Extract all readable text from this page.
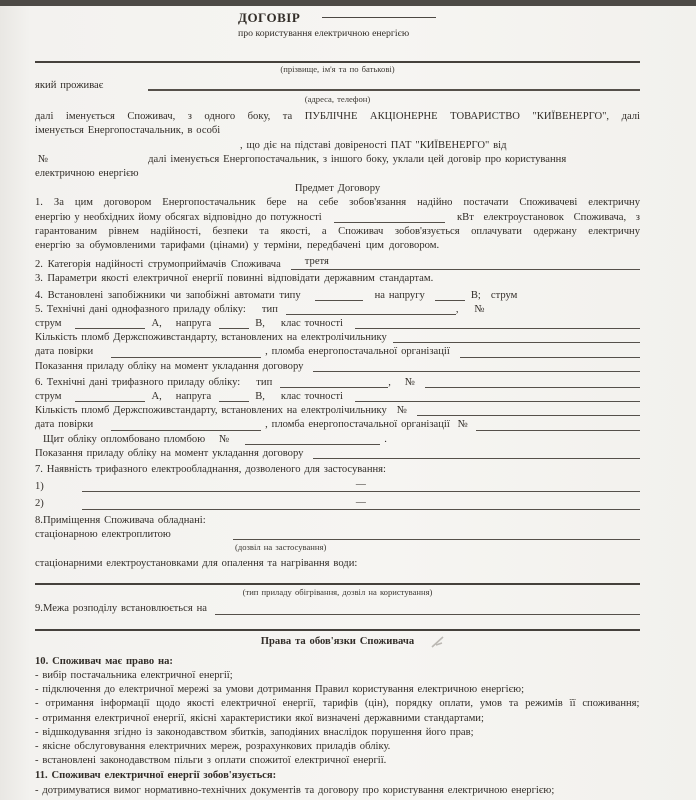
ДОГОВІР
про користування електричною енергією
(прізвище, ім'я та по батькові)
який проживає
(адреса, телефон)
далі іменується Споживач, з одного боку, та ПУБЛІЧНЕ АКЦІОНЕРНЕ ТОВАРИСТВО "КИЇВЕНЕРГО", далі
іменується Енергопостачальник, в особі
, що діє на підставі довіреності ПАТ "КИЇВЕНЕРГО" від
№	далі іменується Енергопостачальник, з іншого боку, уклали цей договір про користування
електричною енергією
Предмет Договору
1. За цим договором Енергопостачальник бере на себе зобов'язання надійно постачати Споживачеві електричну
енергію у необхідних йому обсягах відповідно до потужності	кВт електроустановок Споживача, з
гарантованим рівнем надійності, безпеки та якості, а Споживач зобов'язується оплачувати одержану електричну
енергію за обумовленими тарифами (цінами) у терміни, передбачені цим договором.
2. Категорія надійності струмоприймачів Споживача	третя
3. Параметри якості електричної енергії повинні відповідати державним стандартам.
4. Встановлені запобіжники чи запобіжні автомати типу	на напругу	В; струм
5. Технічні дані однофазного приладу обліку: тип	, №
струм	А, напруга	В, клас точності
Кількість пломб Держспоживстандарту, встановлених на електролічильнику
дата повірки	, пломба енергопостачальної організації
Показання приладу обліку на момент укладання договору
6. Технічні дані трифазного приладу обліку: тип	, №
струм	А, напруга	В, клас точності
Кількість пломб Держспоживстандарту, встановлених на електролічильнику №
дата повірки	, пломба енергопостачальної організації №
Щит обліку опломбовано пломбою №	.
Показання приладу обліку на момент укладання договору
7. Наявність трифазного електрообладнання, дозволеного для застосування:
1)	—
2)	—
8.Приміщення Споживача обладнані:
стаціонарною електроплитою
(дозвіл на застосування)
стаціонарними електроустановками для опалення та нагрівання води:
(тип приладу обігрівання, дозвіл на користування)
9.Межа розподілу встановлюється на
Права та обов'язки Споживача
10. Споживач має право на:
- вибір постачальника електричної енергії;
- підключення до електричної мережі за умови дотримання Правил користування електричною енергією;
- отримання інформації щодо якості електричної енергії, тарифів (цін), порядку оплати, умов та режимів її споживання;
- отримання електричної енергії, якісні характеристики якої визначені державними стандартами;
- відшкодування згідно із законодавством збитків, заподіяних внаслідок порушення його прав;
- якісне обслуговування електричних мереж, розрахункових приладів обліку.
- встановлені законодавством пільги з оплати спожитої електричної енергії.
11. Споживач електричної енергії зобов'язується:
- дотримуватися вимог нормативно-технічних документів та договору про користування електричною енергією;
